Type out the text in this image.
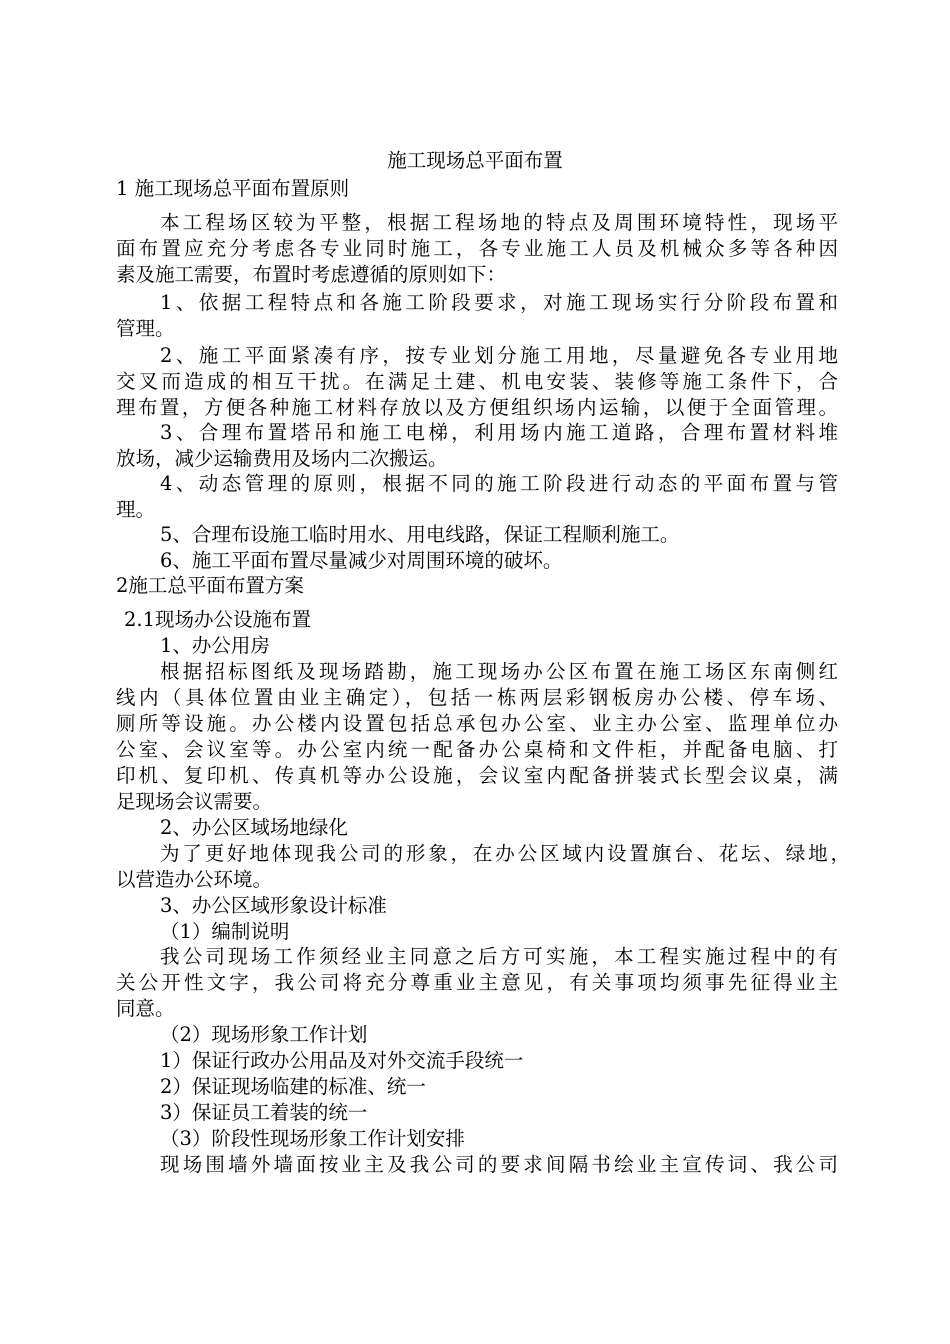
施工现场总平面布置
1 施工现场总平面布置原则
本工程场区较为平整，根据工程场地的特点及周围环境特性，现场平
面布置应充分考虑各专业同时施工，各专业施工人员及机械众多等各种因
素及施工需要，布置时考虑遵循的原则如下：
1、依据工程特点和各施工阶段要求，对施工现场实行分阶段布置和
管理。
2、施工平面紧凑有序，按专业划分施工用地，尽量避免各专业用地
交叉而造成的相互干扰。在满足土建、机电安装、装修等施工条件下，合
理布置，方便各种施工材料存放以及方便组织场内运输，以便于全面管理。
3、合理布置塔吊和施工电梯，利用场内施工道路，合理布置材料堆
放场，减少运输费用及场内二次搬运。
4、动态管理的原则，根据不同的施工阶段进行动态的平面布置与管
理。
5、合理布设施工临时用水、用电线路，保证工程顺利施工。
6、施工平面布置尽量减少对周围环境的破坏。
2施工总平面布置方案
2.1现场办公设施布置
1、办公用房
根据招标图纸及现场踏勘，施工现场办公区布置在施工场区东南侧红
线内（具体位置由业主确定），包括一栋两层彩钢板房办公楼、停车场、
厕所等设施。办公楼内设置包括总承包办公室、业主办公室、监理单位办
公室、会议室等。办公室内统一配备办公桌椅和文件柜，并配备电脑、打
印机、复印机、传真机等办公设施，会议室内配备拼装式长型会议桌，满
足现场会议需要。
2、办公区域场地绿化
为了更好地体现我公司的形象，在办公区域内设置旗台、花坛、绿地，
以营造办公环境。
3、办公区域形象设计标准
（1）编制说明
我公司现场工作须经业主同意之后方可实施，本工程实施过程中的有
关公开性文字，我公司将充分尊重业主意见，有关事项均须事先征得业主
同意。
（2）现场形象工作计划
1）保证行政办公用品及对外交流手段统一
2）保证现场临建的标准、统一
3）保证员工着装的统一
（3）阶段性现场形象工作计划安排
现场围墙外墙面按业主及我公司的要求间隔书绘业主宣传词、我公司
